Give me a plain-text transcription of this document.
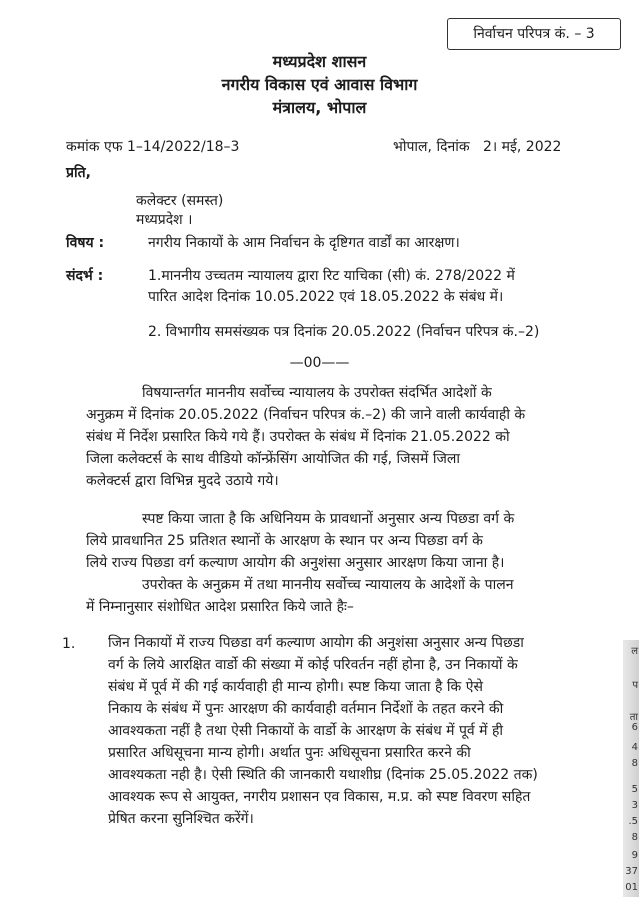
निर्वाचन परिपत्र कं. – 3
मध्यप्रदेश शासन
नगरीय विकास एवं आवास विभाग
मंत्रालय, भोपाल
कमांक एफ 1–14/2022/18–3	भोपाल, दिनांक   2। मई, 2022
प्रति,
कलेक्टर (समस्त)
मध्यप्रदेश ।
विषय :	नगरीय निकायों के आम निर्वाचन के दृष्टिगत वार्डों का आरक्षण।
संदर्भ :	1.माननीय उच्चतम न्यायालय द्वारा रिट याचिका (सी) कं. 278/2022 में
पारित आदेश दिनांक 10.05.2022 एवं 18.05.2022 के संबंध में।
2. विभागीय समसंख्यक पत्र दिनांक 20.05.2022 (निर्वाचन परिपत्र कं.–2)
—00——
विषयान्तर्गत माननीय सर्वोच्च न्यायालय के उपरोक्त संदर्भित आदेशों के
अनुक्रम में दिनांक 20.05.2022 (निर्वाचन परिपत्र कं.–2) की जाने वाली कार्यवाही के
संबंध में निर्देश प्रसारित किये गये हैं। उपरोक्त के संबंध में दिनांक 21.05.2022 को
जिला कलेक्टर्स के साथ वीडियो कॉन्फ्रेंसिंग आयोजित की गई, जिसमें जिला
कलेक्टर्स द्वारा विभिन्न मुददे उठाये गये।
स्पष्ट किया जाता है कि अधिनियम के प्रावधानों अनुसार अन्य पिछडा वर्ग के
लिये प्रावधानित 25 प्रतिशत स्थानों के आरक्षण के स्थान पर अन्य पिछडा वर्ग के
लिये राज्य पिछडा वर्ग कल्याण आयोग की अनुशंसा अनुसार आरक्षण किया जाना है।
उपरोक्त के अनुक्रम में तथा माननीय सर्वोच्च न्यायालय के आदेशों के पालन
में निम्नानुसार संशोधित आदेश प्रसारित किये जाते हैः–
1. जिन निकायों में राज्य पिछडा वर्ग कल्याण आयोग की अनुशंसा अनुसार अन्य पिछडा
वर्ग के लिये आरक्षित वार्डो की संख्या में कोई परिवर्तन नहीं होना है, उन निकायों के
संबंध में पूर्व में की गई कार्यवाही ही मान्य होगी। स्पष्ट किया जाता है कि ऐसे
निकाय के संबंध में पुनः आरक्षण की कार्यवाही वर्तमान निर्देशों के तहत करने की
आवश्यकता नहीं है तथा ऐसी निकायों के वार्डो के आरक्षण के संबंध में पूर्व में ही
प्रसारित अधिसूचना मान्य होगी। अर्थात पुनः अधिसूचना प्रसारित करने की
आवश्यकता नही है। ऐसी स्थिति की जानकारी यथाशीघ्र (दिनांक 25.05.2022 तक)
आवश्यक रूप से आयुक्त, नगरीय प्रशासन एव विकास, म.प्र. को स्पष्ट विवरण सहित
प्रेषित करना सुनिश्चित करेंगें।
ल
प
ता
6
4
8
5
3
.5
8
9
37
01
